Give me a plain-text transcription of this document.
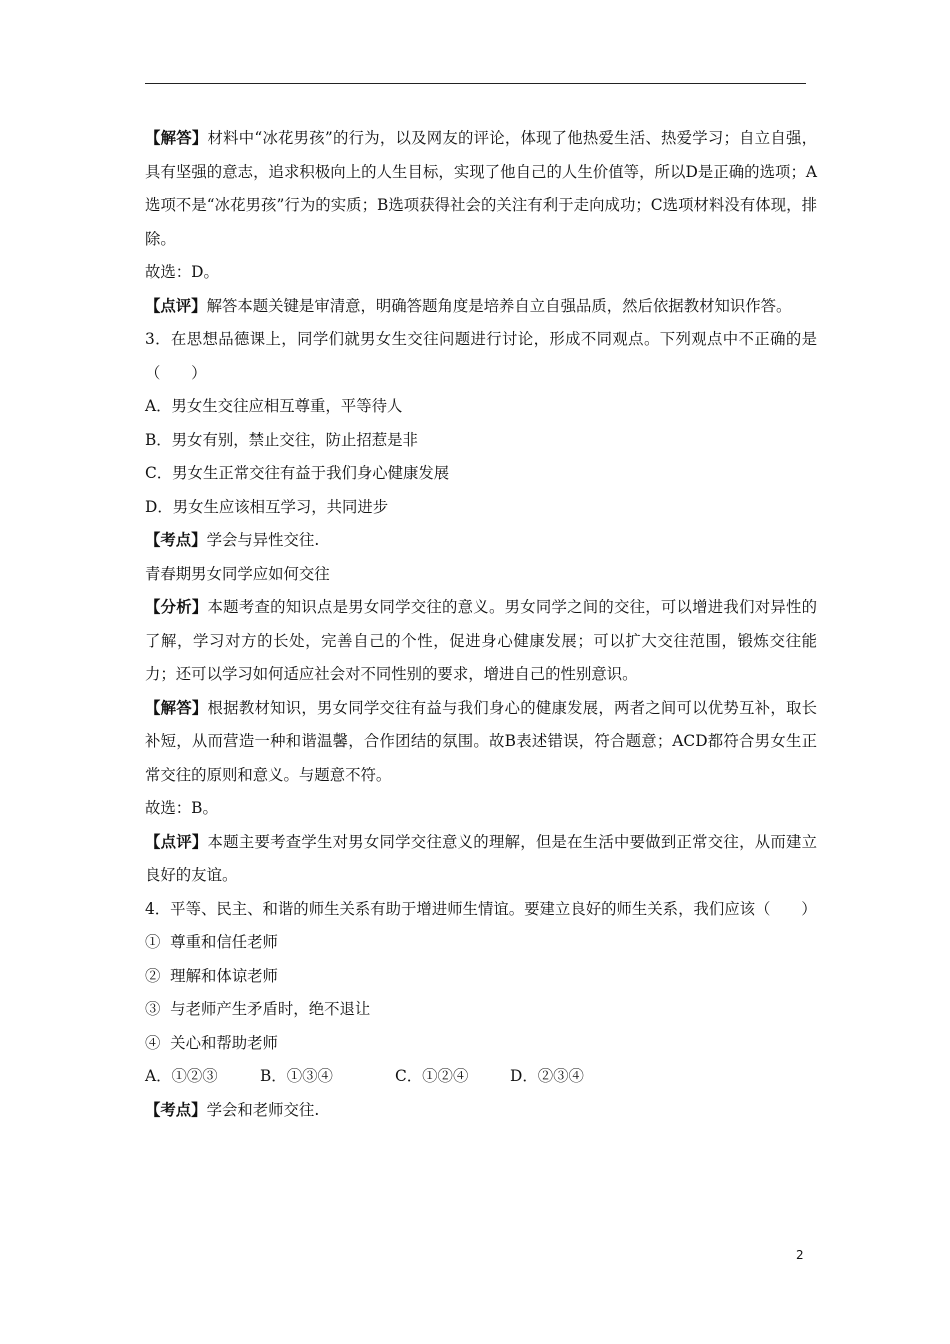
【解答】材料中“冰花男孩”的行为，以及网友的评论，体现了他热爱生活、热爱学习；自立自强，具有坚强的意志，追求积极向上的人生目标，实现了他自己的人生价值等，所以D是正确的选项；A选项不是“冰花男孩”行为的实质；B选项获得社会的关注有利于走向成功；C选项材料没有体现，排除。

故选：D。

【点评】解答本题关键是审清意，明确答题角度是培养自立自强品质，然后依据教材知识作答。

3．在思想品德课上，同学们就男女生交往问题进行讨论，形成不同观点。下列观点中不正确的是（　　）

A．男女生交往应相互尊重，平等待人

B．男女有别，禁止交往，防止招惹是非

C．男女生正常交往有益于我们身心健康发展

D．男女生应该相互学习，共同进步

【考点】学会与异性交往.

青春期男女同学应如何交往

【分析】本题考查的知识点是男女同学交往的意义。男女同学之间的交往，可以增进我们对异性的了解，学习对方的长处，完善自己的个性，促进身心健康发展；可以扩大交往范围，锻炼交往能力；还可以学习如何适应社会对不同性别的要求，增进自己的性别意识。

【解答】根据教材知识，男女同学交往有益与我们身心的健康发展，两者之间可以优势互补，取长补短，从而营造一种和谐温馨，合作团结的氛围。故B表述错误，符合题意；ACD都符合男女生正常交往的原则和意义。与题意不符。

故选：B。

【点评】本题主要考查学生对男女同学交往意义的理解，但是在生活中要做到正常交往，从而建立良好的友谊。

4．平等、民主、和谐的师生关系有助于增进师生情谊。要建立良好的师生关系，我们应该（　　）

①  尊重和信任老师

②  理解和体谅老师

③  与老师产生矛盾时，绝不退让

④  关心和帮助老师

A．①②③	B．①③④	C．①②④	D．②③④

【考点】学会和老师交往.

2
